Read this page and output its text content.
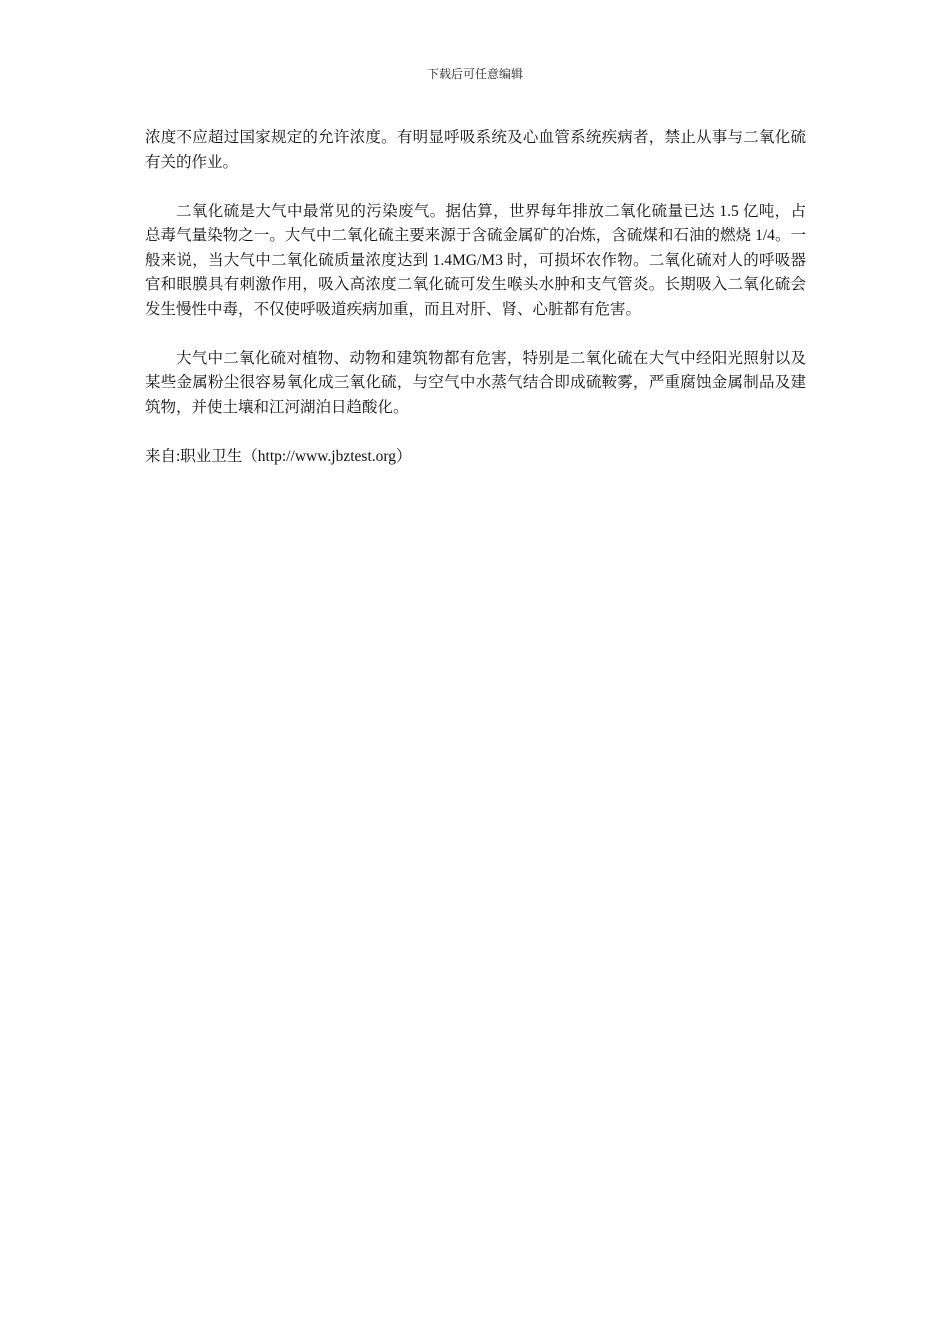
下载后可任意编辑

浓度不应超过国家规定的允许浓度。有明显呼吸系统及心血管系统疾病者，禁止从事与二氧化硫有关的作业。

二氧化硫是大气中最常见的污染废气。据估算，世界每年排放二氧化硫量已达 1.5 亿吨，占总毒气量染物之一。大气中二氧化硫主要来源于含硫金属矿的冶炼，含硫煤和石油的燃烧 1/4。一般来说，当大气中二氧化硫质量浓度达到 1.4MG/M3 时，可损坏农作物。二氧化硫对人的呼吸器官和眼膜具有刺激作用，吸入高浓度二氧化硫可发生喉头水肿和支气管炎。长期吸入二氧化硫会发生慢性中毒，不仅使呼吸道疾病加重，而且对肝、肾、心脏都有危害。

大气中二氧化硫对植物、动物和建筑物都有危害，特别是二氧化硫在大气中经阳光照射以及某些金属粉尘很容易氧化成三氧化硫，与空气中水蒸气结合即成硫鞍雾，严重腐蚀金属制品及建筑物，并使土壤和江河湖泊日趋酸化。

来自:职业卫生（http://www.jbztest.org）
